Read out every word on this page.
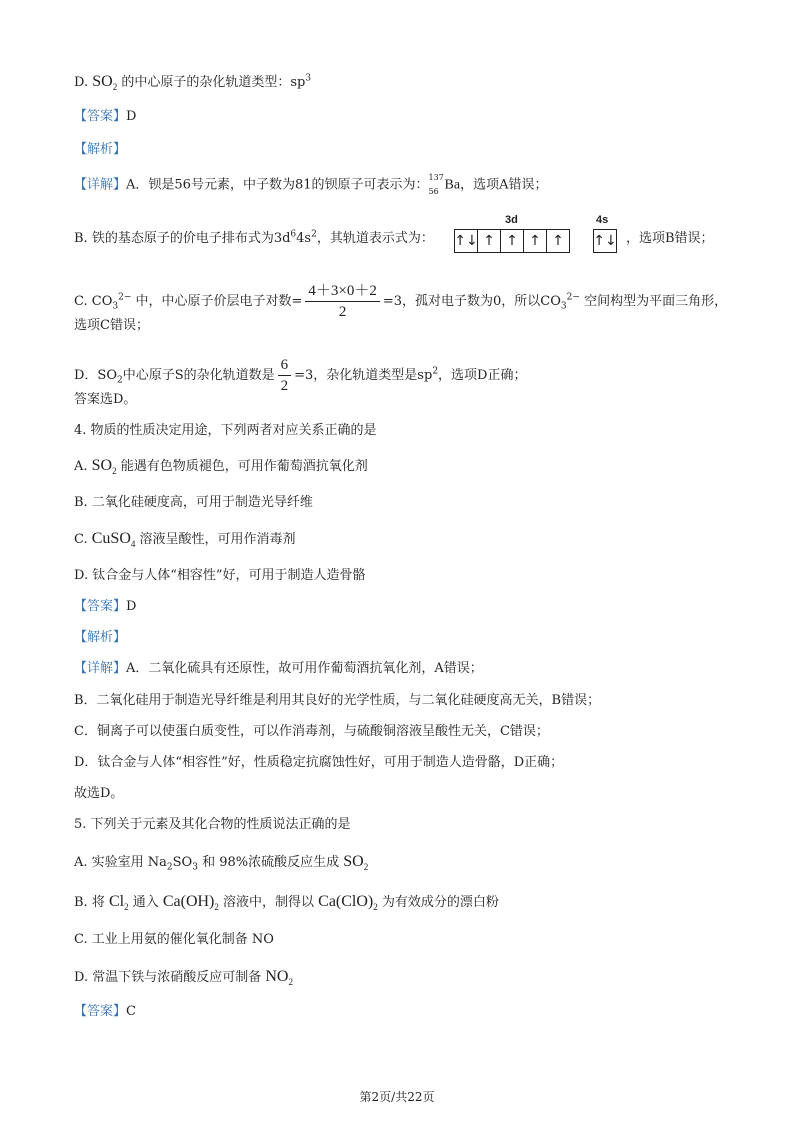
D. $SO_2$ 的中心原子的杂化轨道类型：$sp^3$
【答案】D
【解析】
【详解】A．钡是56号元素，中子数为81的钡原子可表示为： 137
56 Ba，选项A错误；
B. 铁的基态原子的价电子排布式为$3d^64s^2$，其轨道表示式为：
3d	4s
↑↓ ↑ ↑ ↑ ↑	↑↓ ，选项B错误；
C. $CO_3^{2-}$ 中，中心原子价层电子对数= $\frac{4+3\times 0+2}{2} =3$，孤对电子数为0，所以$CO_3^{2-}$ 空间构型为平面三角形，
选项C错误；
D．$SO_2$中心原子S的杂化轨道数是 $\frac{6}{2} =3$，杂化轨道类型是$sp^2$，选项D正确；
答案选D。
4. 物质的性质决定用途，下列两者对应关系正确的是
A. $SO_2$ 能遇有色物质褪色，可用作葡萄酒抗氧化剂
B. 二氧化硅硬度高，可用于制造光导纤维
C. CuSO$_4$ 溶液呈酸性，可用作消毒剂
D. 钛合金与人体“相容性”好，可用于制造人造骨骼
【答案】D
【解析】
【详解】A．二氧化硫具有还原性，故可用作葡萄酒抗氧化剂，A错误；
B．二氧化硅用于制造光导纤维是利用其良好的光学性质，与二氧化硅硬度高无关，B错误；
C．铜离子可以使蛋白质变性，可以作消毒剂，与硫酸铜溶液呈酸性无关，C错误；
D．钛合金与人体“相容性”好，性质稳定抗腐蚀性好，可用于制造人造骨骼，D正确；
故选D。
5. 下列关于元素及其化合物的性质说法正确的是
A. 实验室用 $Na_2SO_3$ 和 98%浓硫酸反应生成 $SO_2$
B. 将 $Cl_2$ 通入 $Ca(OH)_2$ 溶液中，制得以 $Ca(ClO)_2$ 为有效成分的漂白粉
C. 工业上用氨的催化氧化制备 NO
D. 常温下铁与浓硝酸反应可制备 $NO_2$
【答案】C
第2页/共22页
